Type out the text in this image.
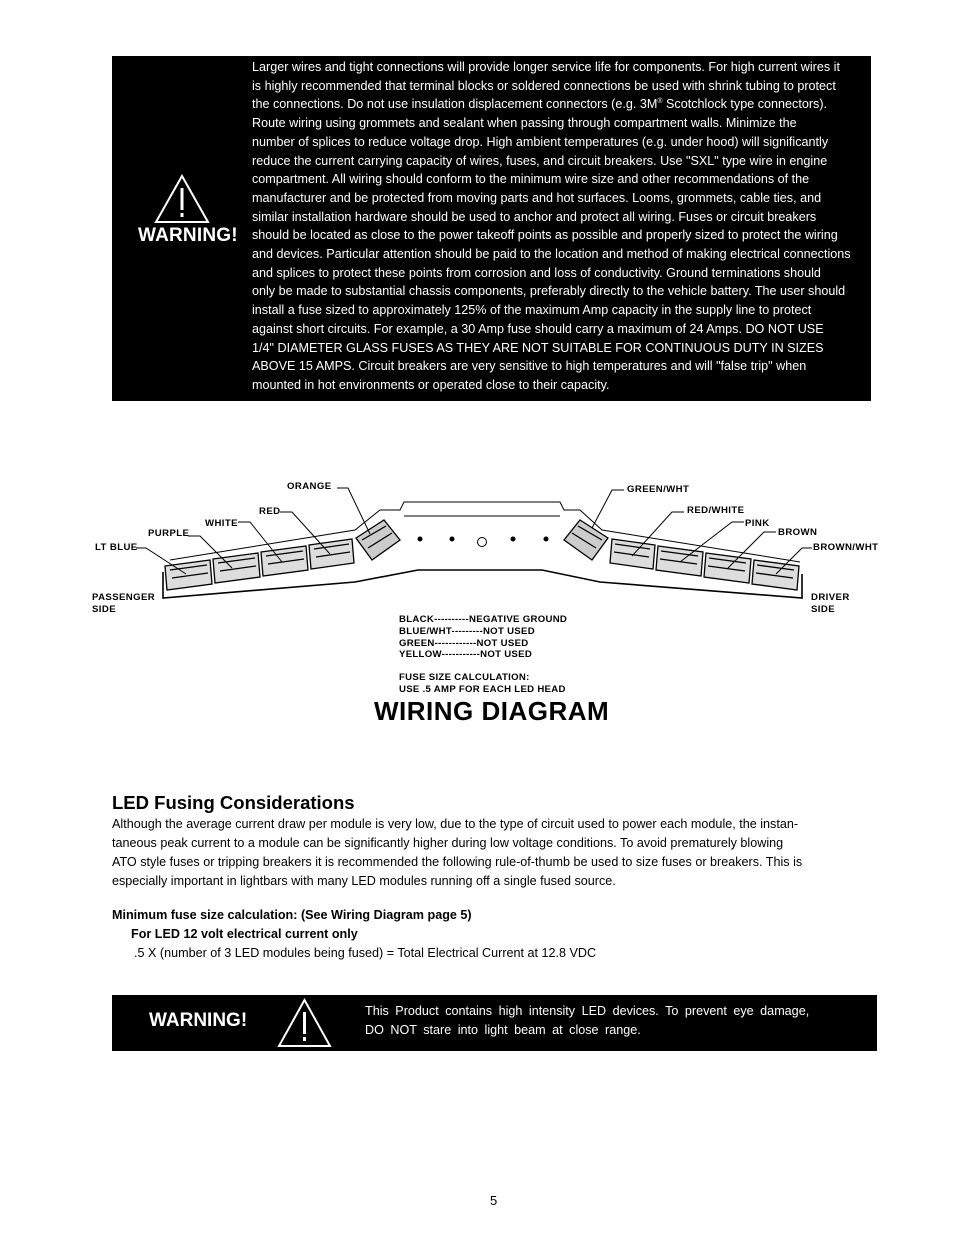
WARNING!
Larger wires and tight connections will provide longer service life for components. For high current wires it
is highly recommended that terminal blocks or soldered connections be used with shrink tubing to protect
the connections. Do not use insulation displacement connectors (e.g. 3M® Scotchlock type connectors).
Route wiring using grommets and sealant when passing through compartment walls. Minimize the
number of splices to reduce voltage drop. High ambient temperatures (e.g. under hood) will significantly
reduce the current carrying capacity of wires, fuses, and circuit breakers. Use "SXL" type wire in engine
compartment. All wiring should conform to the minimum wire size and other recommendations of the
manufacturer and be protected from moving parts and hot surfaces. Looms, grommets, cable ties, and
similar installation hardware should be used to anchor and protect all wiring. Fuses or circuit breakers
should be located as close to the power takeoff points as possible and properly sized to protect the wiring
and devices. Particular attention should be paid to the location and method of making electrical connections
and splices to protect these points from corrosion and loss of conductivity. Ground terminations should
only be made to substantial chassis components, preferably directly to the vehicle battery. The user should
install a fuse sized to approximately 125% of the maximum Amp capacity in the supply line to protect
against short circuits. For example, a 30 Amp fuse should carry a maximum of 24 Amps. DO NOT USE
1/4" DIAMETER GLASS FUSES AS THEY ARE NOT SUITABLE FOR CONTINUOUS DUTY IN SIZES
ABOVE 15 AMPS. Circuit breakers are very sensitive to high temperatures and will "false trip" when
mounted in hot environments or operated close to their capacity.
ORANGE
RED
WHITE
PURPLE
LT BLUE
GREEN/WHT
RED/WHITE
PINK
BROWN
BROWN/WHT
PASSENGER
SIDE
DRIVER
SIDE
BLACK----------NEGATIVE GROUND
BLUE/WHT---------NOT USED
GREEN------------NOT USED
YELLOW-----------NOT USED
FUSE SIZE CALCULATION:
USE .5 AMP FOR EACH LED HEAD
WIRING DIAGRAM
LED Fusing Considerations
Although the average current draw per module is very low, due to the type of circuit used to power each module, the instan-
taneous peak current to a module can be significantly higher during low voltage conditions. To avoid prematurely blowing
ATO style fuses or tripping breakers it is recommended the following rule-of-thumb be used to size fuses or breakers. This is
especially important in lightbars with many LED modules running off a single fused source.
Minimum fuse size calculation: (See Wiring Diagram page 5)
For LED 12 volt electrical current only
.5 X (number of 3 LED modules being fused) = Total Electrical Current at 12.8 VDC
WARNING!	This Product contains high intensity LED devices. To prevent eye damage,
DO NOT stare into light beam at close range.
5
